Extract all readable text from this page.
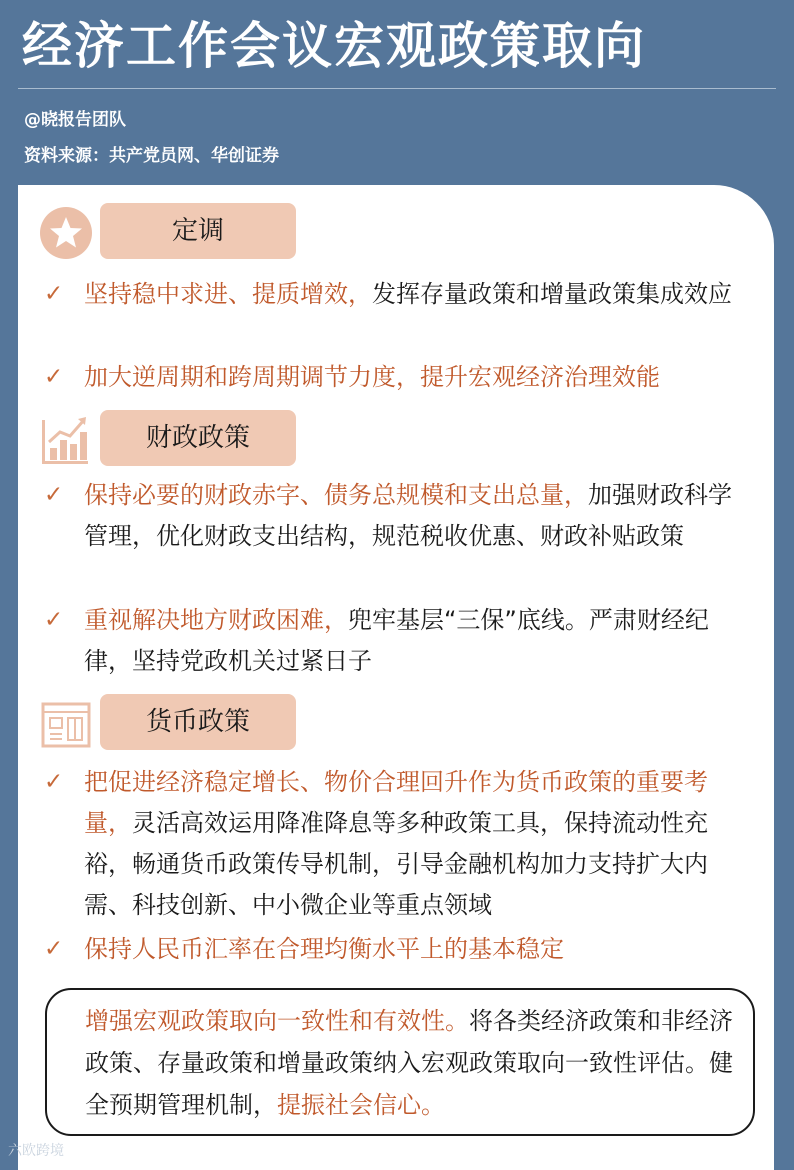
经济工作会议宏观政策取向
@晓报告团队
资料来源：共产党员网、华创证券
定调
✓ 坚持稳中求进、提质增效，发挥存量政策和增量政策集成效应
✓ 加大逆周期和跨周期调节力度，提升宏观经济治理效能
财政政策
✓ 保持必要的财政赤字、债务总规模和支出总量，加强财政科学管理，优化财政支出结构，规范税收优惠、财政补贴政策
✓ 重视解决地方财政困难，兜牢基层“三保”底线。严肃财经纪律，坚持党政机关过紧日子
货币政策
✓ 把促进经济稳定增长、物价合理回升作为货币政策的重要考量，灵活高效运用降准降息等多种政策工具，保持流动性充裕，畅通货币政策传导机制，引导金融机构加力支持扩大内需、科技创新、中小微企业等重点领域
✓ 保持人民币汇率在合理均衡水平上的基本稳定
增强宏观政策取向一致性和有效性。将各类经济政策和非经济政策、存量政策和增量政策纳入宏观政策取向一致性评估。健全预期管理机制，提振社会信心。
六欧跨境
